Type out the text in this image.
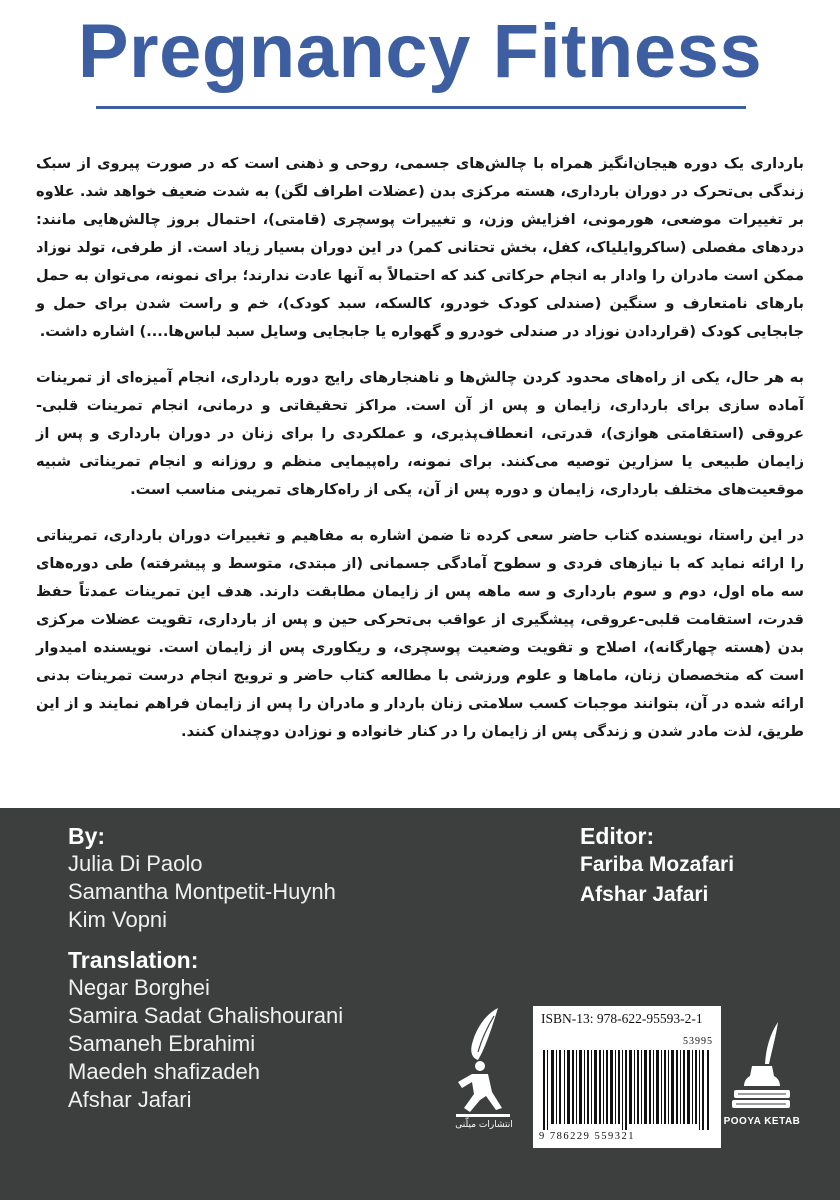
Pregnancy Fitness

بارداری یک دوره هیجان‌انگیز همراه با چالش‌های جسمی، روحی و ذهنی است که در صورت پیروی از سبک زندگی بی‌تحرک در دوران بارداری، هسته مرکزی بدن (عضلات اطراف لگن) به شدت ضعیف خواهد شد. علاوه بر تغییرات موضعی، هورمونی، افزایش وزن، و تغییرات پوسچری (قامتی)، احتمال بروز چالش‌هایی مانند: دردهای مفصلی (ساکروایلیاک، کفل، بخش تحتانی کمر) در این دوران بسیار زیاد است. از طرفی، تولد نوزاد ممکن است مادران را وادار به انجام حرکاتی کند که احتمالاً به آنها عادت ندارند؛ برای نمونه، می‌توان به حمل بارهای نامتعارف و سنگین (صندلی کودک خودرو، کالسکه، سبد کودک)، خم و راست شدن برای حمل و جابجایی کودک (قراردادن نوزاد در صندلی خودرو و گهواره یا جابجایی وسایل سبد لباس‌ها....) اشاره داشت.

به هر حال، یکی از راه‌های محدود کردن چالش‌ها و ناهنجارهای رایج دوره بارداری، انجام آمیزه‌ای از تمرینات آماده سازی برای بارداری، زایمان و پس از آن است. مراکز تحقیقاتی و درمانی، انجام تمرینات قلبی- عروقی (استقامتی هوازی)، قدرتی، انعطاف‌پذیری، و عملکردی را برای زنان در دوران بارداری و پس از زایمان طبیعی یا سزارین توصیه می‌کنند. برای نمونه، راه‌پیمایی منظم و روزانه و انجام تمریناتی شبیه موقعیت‌های مختلف بارداری، زایمان و دوره پس از آن، یکی از راه‌کارهای تمرینی مناسب است.

در این راستا، نویسنده کتاب حاضر سعی کرده تا ضمن اشاره به مفاهیم و تغییرات دوران بارداری، تمریناتی را ارائه نماید که با نیازهای فردی و سطوح آمادگی جسمانی (از مبتدی، متوسط و پیشرفته) طی دوره‌های سه ماه اول، دوم و سوم بارداری و سه ماهه پس از زایمان مطابقت دارند. هدف این تمرینات عمدتاً حفظ قدرت، استقامت قلبی-عروقی، پیشگیری از عواقب بی‌تحرکی حین و پس از بارداری، تقویت عضلات مرکزی بدن (هسته چهارگانه)، اصلاح و تقویت وضعیت پوسچری، و ریکاوری پس از زایمان است. نویسنده امیدوار است که متخصصان زنان، ماماها و علوم ورزشی با مطالعه کتاب حاضر و ترویج انجام درست تمرینات بدنی ارائه شده در آن، بتوانند موجبات کسب سلامتی زنان باردار و مادران را پس از زایمان فراهم نمایند و از این طریق، لذت مادر شدن و زندگی پس از زایمان را در کنار خانواده و نوزادن دوچندان کنند.

By:
Julia Di Paolo
Samantha Montpetit-Huynh
Kim Vopni
Translation:
Negar Borghei
Samira Sadat Ghalishourani
Samaneh Ebrahimi
Maedeh shafizadeh
Afshar Jafari
Editor:
Fariba Mozafari
Afshar Jafari
انتشارات میلّنی
ISBN-13: 978-622-95593-2-1
53995
9 786229 559321
POOYA KETAB
